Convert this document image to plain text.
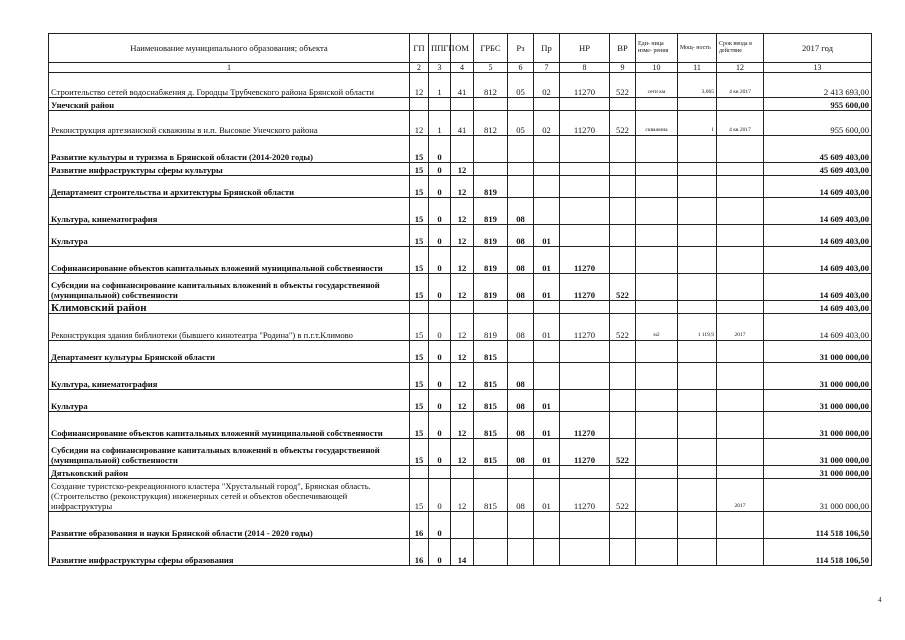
Наименование муниципального образования; объекта	ГП	ППГП	ОМ	ГРБС	Рз	Пр	НР	ВР	Еди- ница изме- рения	Мощ- ность	Срок ввода в действие	2017 год
1	2	3	4	5	6	7	8	9	10	11	12	13
Строительство сетей водоснабжения д. Городцы Трубчевского района Брянской области	12	1	41	812	05	02	11270	522	сети км	3,065	4 кв 2017	2 413 693,00
Унечский район												955 600,00
Реконструкция артезианской скважины в н.п. Высокое Унечского района	12	1	41	812	05	02	11270	522	скважина	1	4 кв 2017	955 600,00
Развитие культуры и туризма в Брянской области (2014-2020 годы)	15	0										45 609 403,00
Развитие инфраструктуры сферы культуры	15	0	12									45 609 403,00
Департамент строительства и архитектуры Брянской области	15	0	12	819								14 609 403,00
Культура, кинематография	15	0	12	819	08							14 609 403,00
Культура	15	0	12	819	08	01						14 609 403,00
Софинансирование объектов капитальных вложений муниципальной собственности	15	0	12	819	08	01	11270					14 609 403,00
Субсидии на софинансирование капитальных вложений в объекты государственной (муниципальной) собственности	15	0	12	819	08	01	11270	522				14 609 403,00
Климовский район												14 609 403,00
Реконструкция здания библиотеки (бывшего кинотеатра "Родина") в п.г.т.Климово	15	0	12	819	08	01	11270	522	м2	1 119,9	2017	14 609 403,00
Департамент культуры Брянской области	15	0	12	815								31 000 000,00
Культура, кинематография	15	0	12	815	08							31 000 000,00
Культура	15	0	12	815	08	01						31 000 000,00
Софинансирование объектов капитальных вложений муниципальной собственности	15	0	12	815	08	01	11270					31 000 000,00
Субсидии на софинансирование капитальных вложений в объекты государственной (муниципальной) собственности	15	0	12	815	08	01	11270	522				31 000 000,00
Дятьковский район												31 000 000,00
Создание туристско-рекреационного кластера "Хрустальный город", Брянская область. (Строительство (реконструкция) инженерных сетей и объектов обеспечивающей инфраструктуры	15	0	12	815	08	01	11270	522			2017	31 000 000,00
Развитие образования и науки Брянской области (2014 - 2020 годы)	16	0										114 518 106,50
Развитие инфраструктуры сферы образования	16	0	14									114 518 106,50
4
